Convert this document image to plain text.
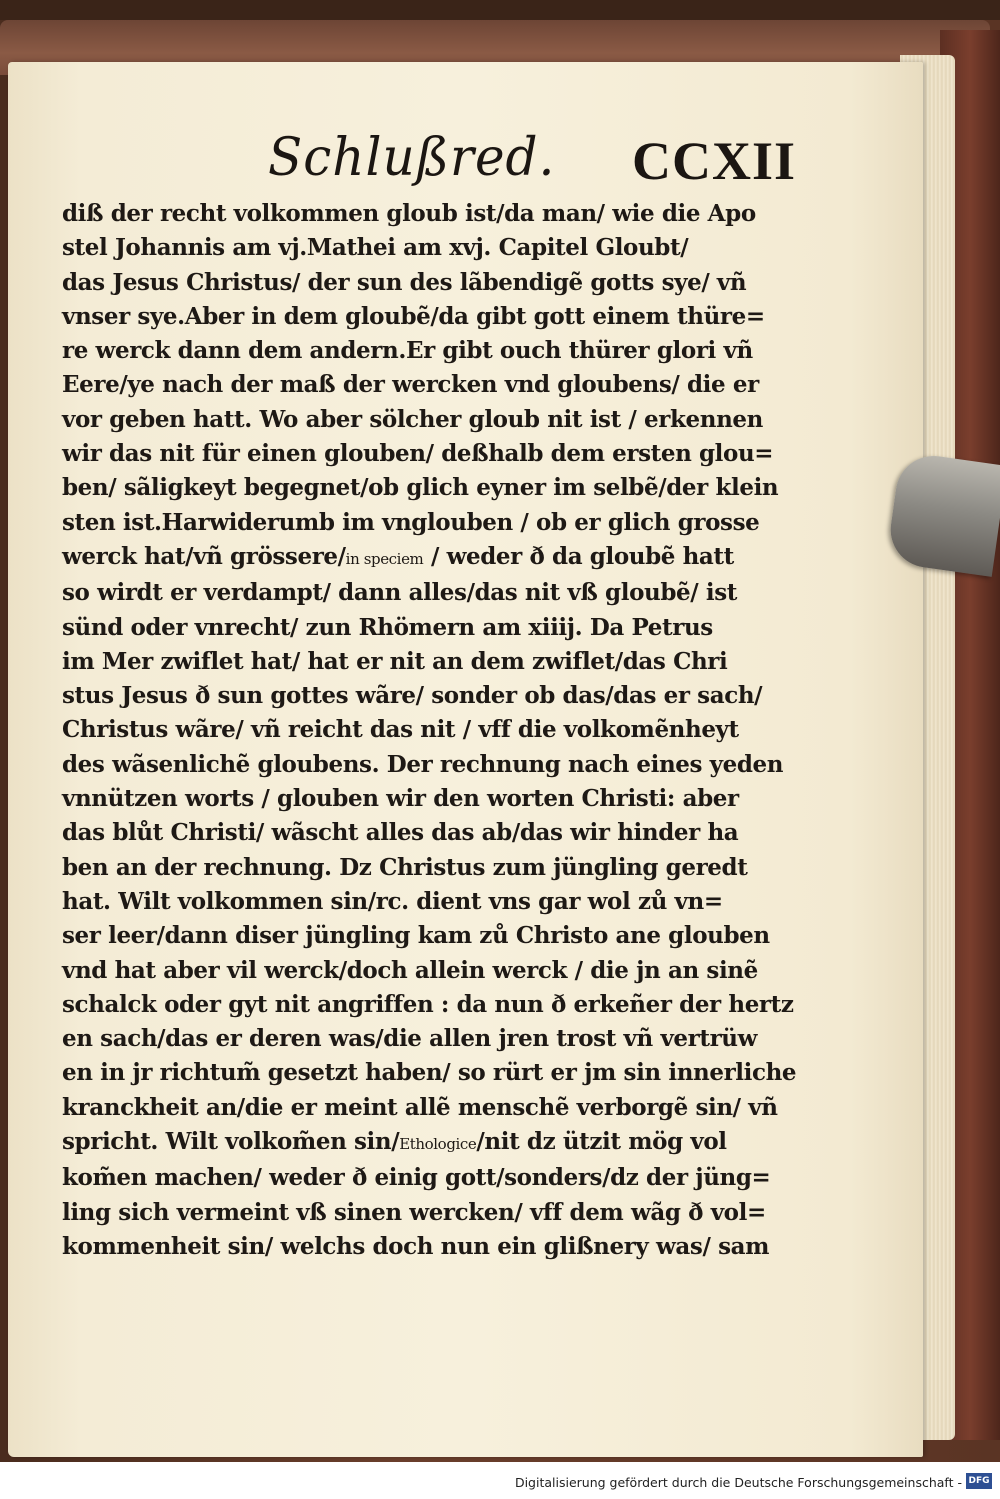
Schlußred. CCXII
diß der recht volkommen gloub ist/da man/ wie die Apo
stel Johannis am vj.Mathei am xvj. Capitel Gloubt/
das Jesus Christus/ der sun des lãbendigẽ gotts sye/ vñ
vnser sye.Aber in dem gloubẽ/da gibt gott einem thüre=
re werck dann dem andern.Er gibt ouch thürer glori vñ
Eere/ye nach der maß der wercken vnd gloubens/ die er
vor geben hatt. Wo aber sölcher gloub nit ist / erkennen
wir das nit für einen glouben/ deßhalb dem ersten glou=
ben/ sãligkeyt begegnet/ob glich eyner im selbẽ/der klein
sten ist.Harwiderumb im vnglouben / ob er glich grosse
werck hat/vñ grössere/in speciem / weder ð da gloubẽ hatt
so wirdt er verdampt/ dann alles/das nit vß gloubẽ/ ist
sünd oder vnrecht/ zun Rhömern am xiiij. Da Petrus
im Mer zwiflet hat/ hat er nit an dem zwiflet/das Chri
stus Jesus ð sun gottes wãre/ sonder ob das/das er sach/
Christus wãre/ vñ reicht das nit / vff die volkomẽnheyt
des wãsenlichẽ gloubens. Der rechnung nach eines yeden
vnnützen worts / glouben wir den worten Christi: aber
das blůt Christi/ wãscht alles das ab/das wir hinder ha
ben an der rechnung. Dz Christus zum jüngling geredt
hat. Wilt volkommen sin/rc. dient vns gar wol zů vn=
ser leer/dann diser jüngling kam zů Christo ane glouben
vnd hat aber vil werck/doch allein werck / die jn an sinẽ
schalck oder gyt nit angriffen : da nun ð erkeñer der hertz
en sach/das er deren was/die allen jren trost vñ vertrüw
en in jr richtum̃ gesetzt haben/ so rürt er jm sin innerliche
kranckheit an/die er meint allẽ menschẽ verborgẽ sin/ vñ
spricht. Wilt volkom̃en sin/Ethologice/nit dz ützit mög vol
kom̃en machen/ weder ð einig gott/sonders/dz der jüng=
ling sich vermeint vß sinen wercken/ vff dem wãg ð vol=
kommenheit sin/ welchs doch nun ein glißnery was/ sam
Digitalisierung gefördert durch die Deutsche Forschungsgemeinschaft - DFG
